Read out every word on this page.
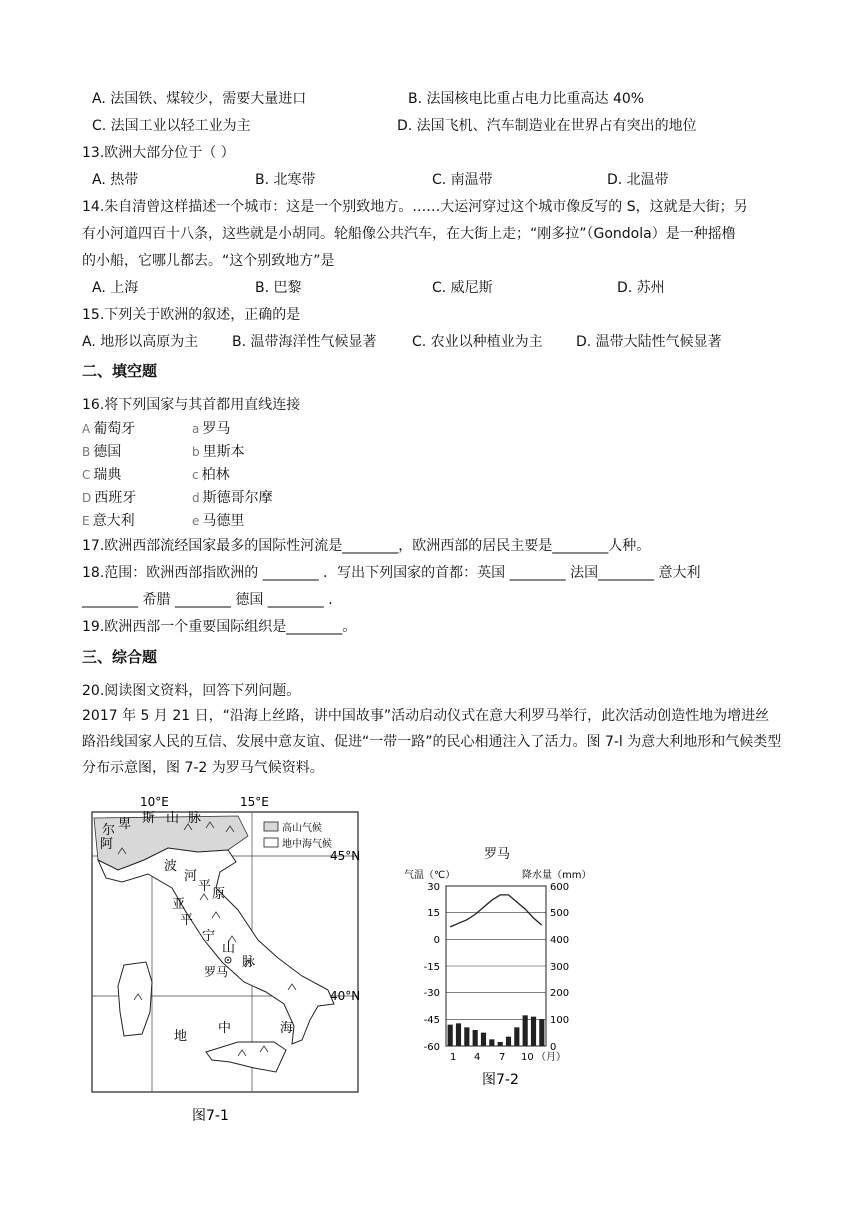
A. 法国铁、煤较少，需要大量进口	B. 法国核电比重占电力比重高达 40%
C. 法国工业以轻工业为主	D. 法国飞机、汽车制造业在世界占有突出的地位
13.欧洲大部分位于（ ）
A. 热带	B. 北寒带	C. 南温带	D. 北温带
14.朱自清曾这样描述一个城市：这是一个别致地方。……大运河穿过这个城市像反写的 S，这就是大街；另
有小河道四百十八条，这些就是小胡同。轮船像公共汽车，在大街上走；“刚多拉”（Gondola）是一种摇橹
的小船，它哪儿都去。“这个别致地方”是
A. 上海	B. 巴黎	C. 威尼斯	D. 苏州
15.下列关于欧洲的叙述，正确的是
A. 地形以高原为主 B. 温带海洋性气候显著	C. 农业以种植业为主 D. 温带大陆性气候显著
二、填空题
16.将下列国家与其首都用直线连接
A 葡萄牙
B 德国
C 瑞典
D 西班牙
E 意大利
a 罗马
b 里斯本
c 柏林
d 斯德哥尔摩
e 马德里
17.欧洲西部流经国家最多的国际性河流是________，欧洲西部的居民主要是________人种。
18.范围：欧洲西部指欧洲的 ________ ．写出下列国家的首都：英国 ________ 法国________ 意大利
________ 希腊 ________ 德国 ________ .
19.欧洲西部一个重要国际组织是________。
三、综合题
20.阅读图文资料，回答下列问题。
2017 年 5 月 21 日，“沿海上丝路，讲中国故事”活动启动仪式在意大利罗马举行，此次活动创造性地为增进丝路沿线国家人民的互信、发展中意友谊、促进“一带一路”的民心相通注入了活力。图 7-l 为意大利地形和气候类型分布示意图，图 7-2 为罗马气候资料。
10°E	15°E
45°N
40°N
高山气候
地中海气候
阿
尔 卑 斯 山 脉
波
河
平
原
亚
平
宁
山
脉
罗马
地
中	海
图7-1
罗马
气温（℃）	降水量（mm）
30
15
0
-15
-30
-45
-60
600
500
400
300
200
100
0
1 4 7 10 （月）
图7-2
